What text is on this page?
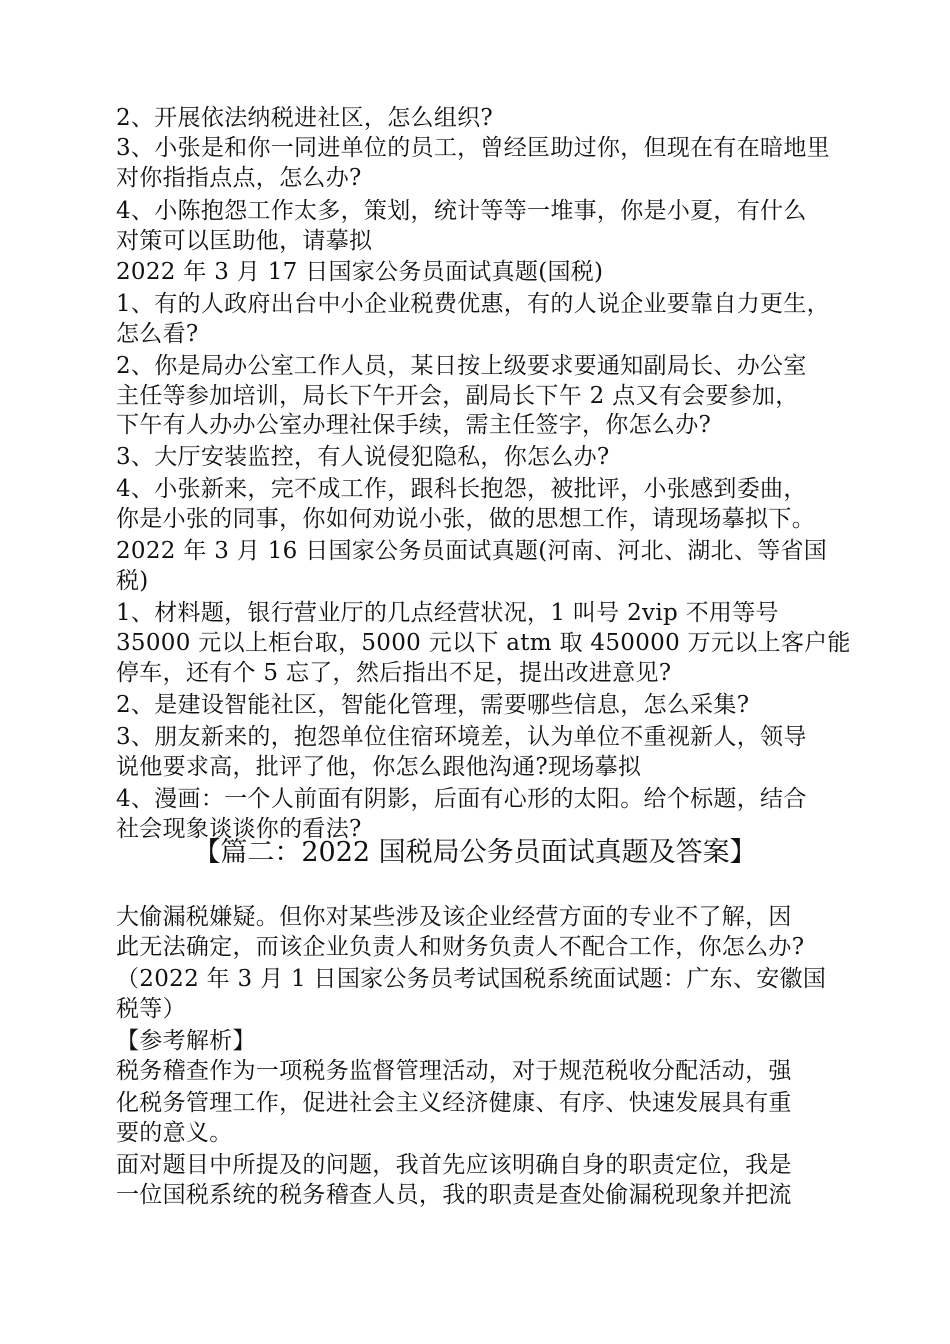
2、开展依法纳税进社区，怎么组织?
3、小张是和你一同进单位的员工，曾经匡助过你，但现在有在暗地里
对你指指点点，怎么办?
4、小陈抱怨工作太多，策划，统计等等一堆事，你是小夏，有什么
对策可以匡助他，请摹拟
2022 年 3 月 17 日国家公务员面试真题(国税)
1、有的人政府出台中小企业税费优惠，有的人说企业要靠自力更生，
怎么看?
2、你是局办公室工作人员，某日按上级要求要通知副局长、办公室
主任等参加培训，局长下午开会，副局长下午 2 点又有会要参加，
下午有人办办公室办理社保手续，需主任签字，你怎么办?
3、大厅安装监控，有人说侵犯隐私，你怎么办?
4、小张新来，完不成工作，跟科长抱怨，被批评，小张感到委曲，
你是小张的同事，你如何劝说小张，做的思想工作，请现场摹拟下。
2022 年 3 月 16 日国家公务员面试真题(河南、河北、湖北、等省国
税)
1、材料题，银行营业厅的几点经营状况，1 叫号 2vip 不用等号
35000 元以上柜台取，5000 元以下 atm 取 450000 万元以上客户能
停车，还有个 5 忘了，然后指出不足，提出改进意见?
2、是建设智能社区，智能化管理，需要哪些信息，怎么采集?
3、朋友新来的，抱怨单位住宿环境差，认为单位不重视新人，领导
说他要求高，批评了他，你怎么跟他沟通?现场摹拟
4、漫画：一个人前面有阴影，后面有心形的太阳。给个标题，结合
社会现象谈谈你的看法?
【篇二：2022 国税局公务员面试真题及答案】
大偷漏税嫌疑。但你对某些涉及该企业经营方面的专业不了解，因
此无法确定，而该企业负责人和财务负责人不配合工作，你怎么办?
（2022 年 3 月 1 日国家公务员考试国税系统面试题：广东、安徽国
税等）
【参考解析】
税务稽查作为一项税务监督管理活动，对于规范税收分配活动，强
化税务管理工作，促进社会主义经济健康、有序、快速发展具有重
要的意义。
面对题目中所提及的问题，我首先应该明确自身的职责定位，我是
一位国税系统的税务稽查人员，我的职责是查处偷漏税现象并把流
